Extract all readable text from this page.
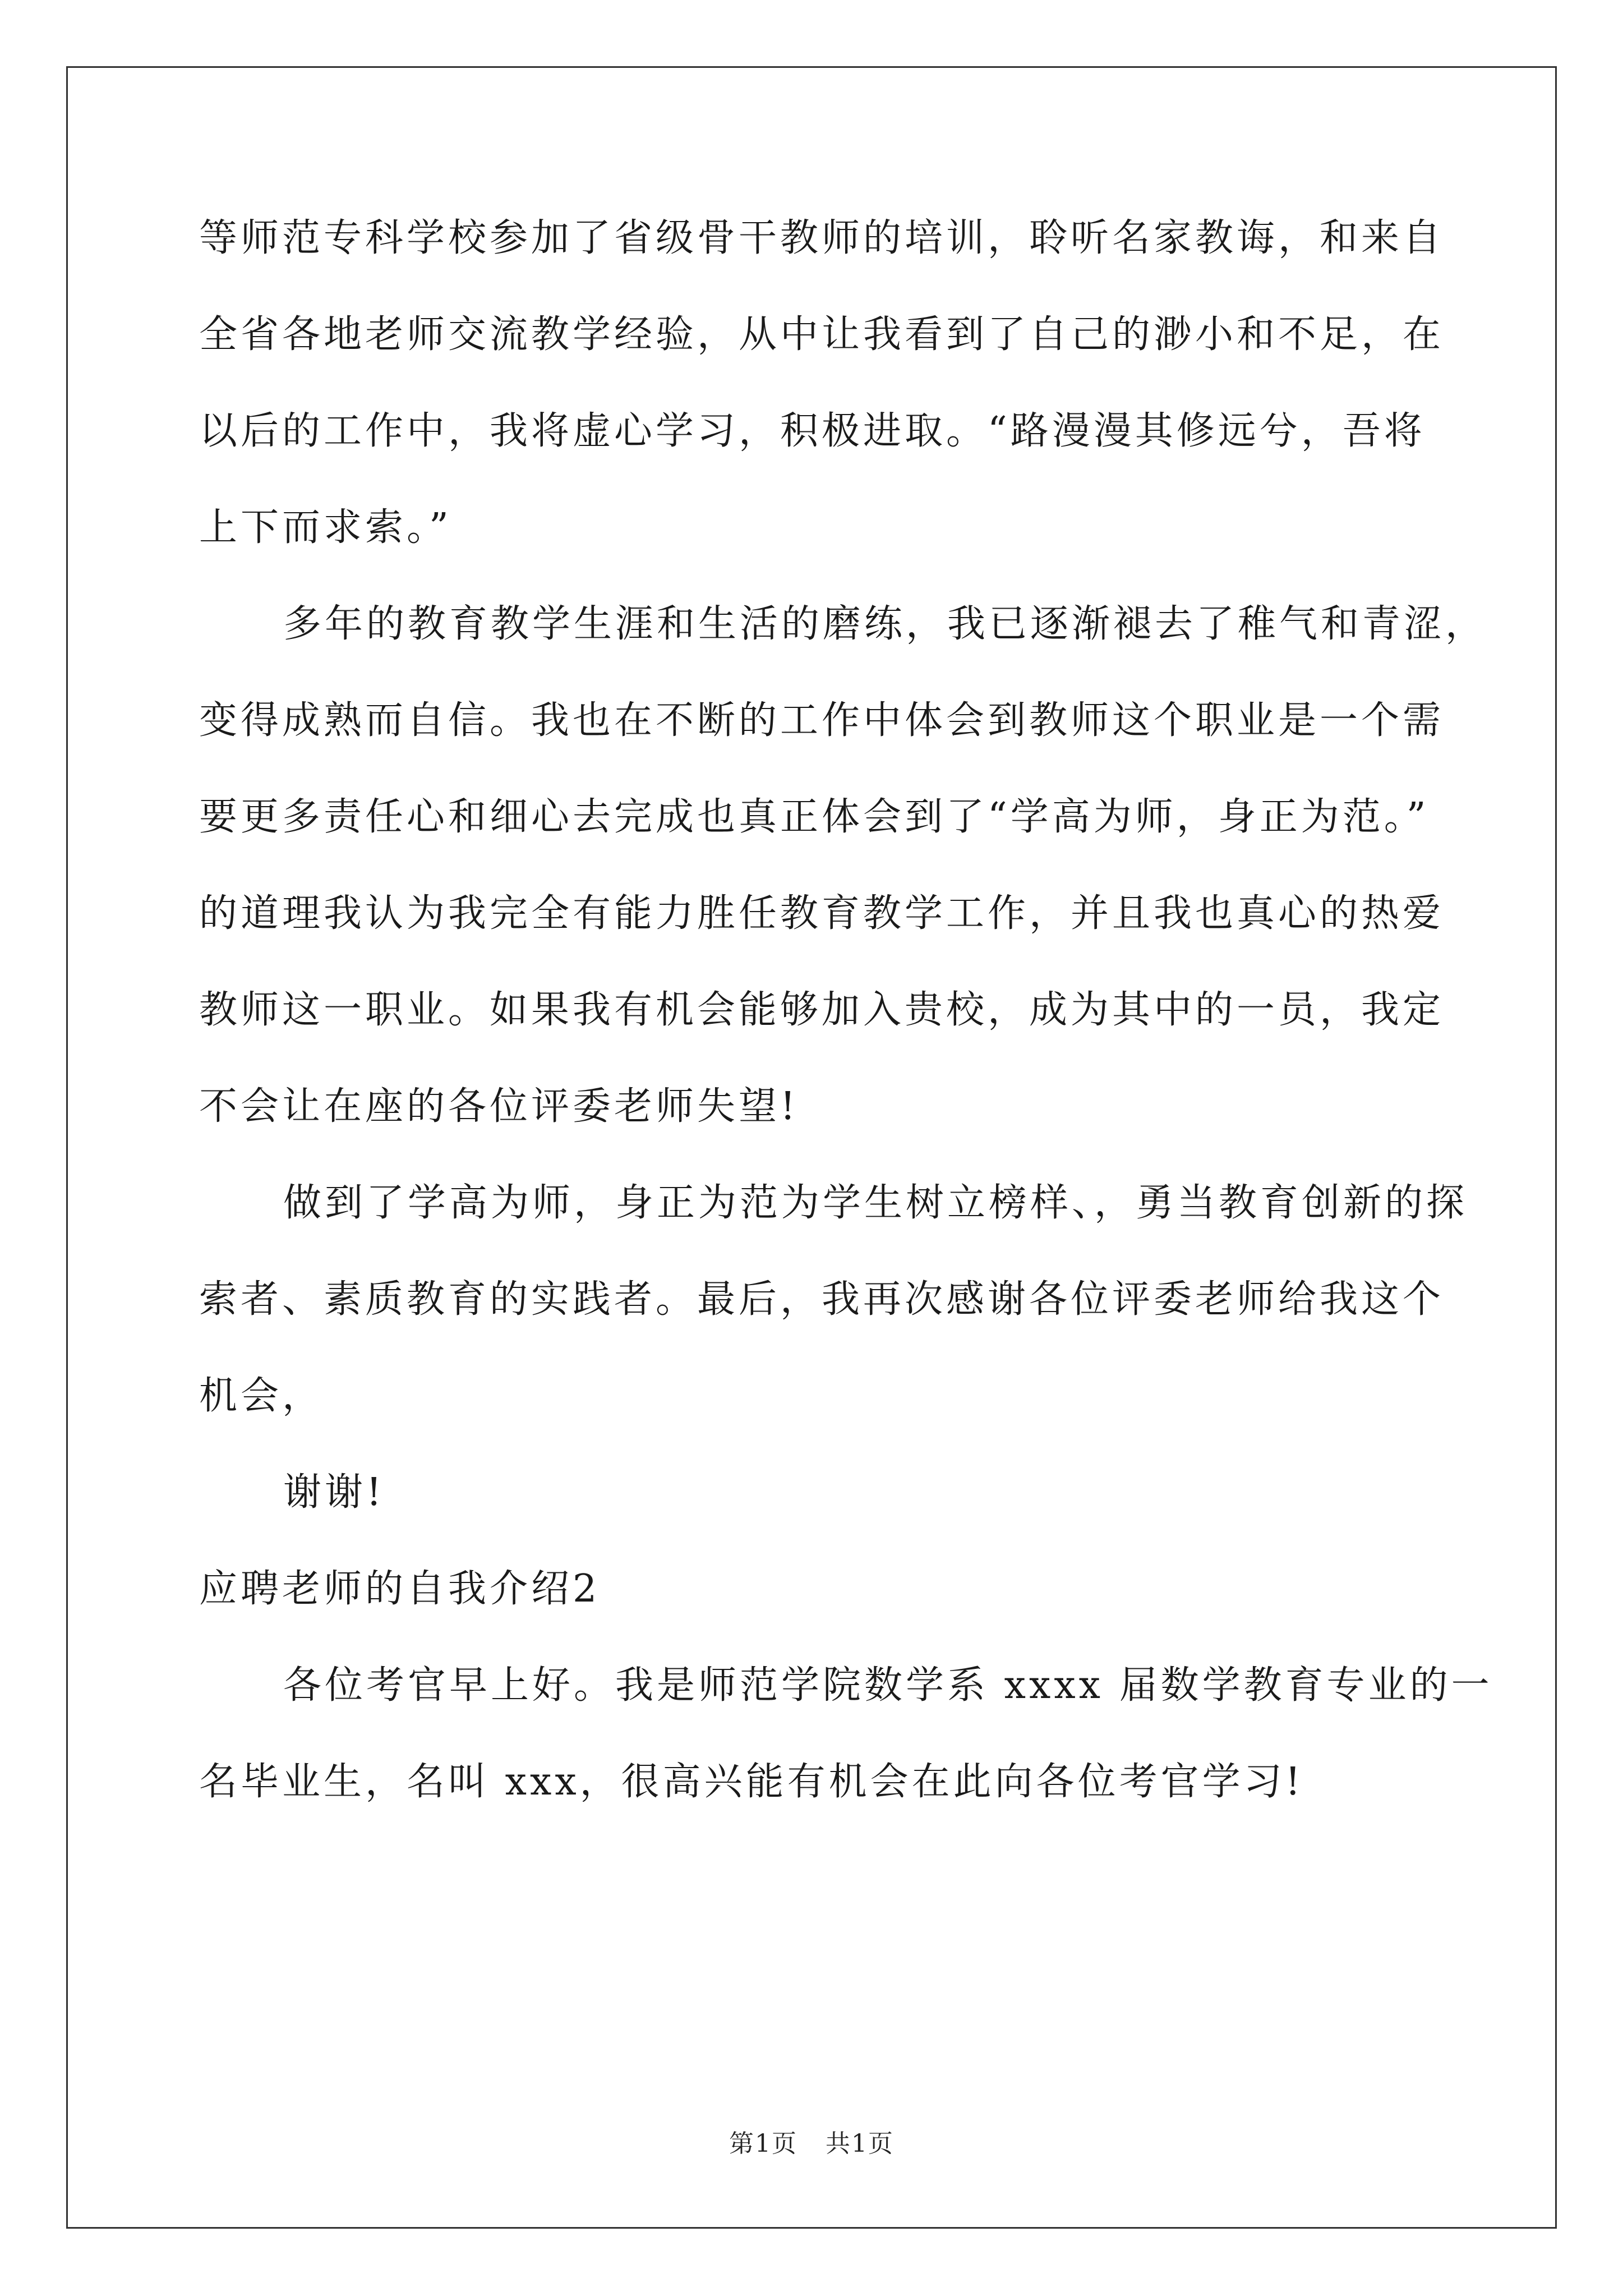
等师范专科学校参加了省级骨干教师的培训，聆听名家教诲，和来自
全省各地老师交流教学经验，从中让我看到了自己的渺小和不足，在
以后的工作中，我将虚心学习，积极进取。“路漫漫其修远兮，吾将
上下而求索。”
多年的教育教学生涯和生活的磨练，我已逐渐褪去了稚气和青涩，
变得成熟而自信。我也在不断的工作中体会到教师这个职业是一个需
要更多责任心和细心去完成也真正体会到了“学高为师，身正为范。”
的道理我认为我完全有能力胜任教育教学工作，并且我也真心的热爱
教师这一职业。如果我有机会能够加入贵校，成为其中的一员，我定
不会让在座的各位评委老师失望!
做到了学高为师，身正为范为学生树立榜样、，勇当教育创新的探
索者、素质教育的实践者。最后，我再次感谢各位评委老师给我这个
机会，
谢谢!
应聘老师的自我介绍2
各位考官早上好。我是师范学院数学系 xxxx 届数学教育专业的一
名毕业生，名叫 xxx，很高兴能有机会在此向各位考官学习!
第1页 共1页
